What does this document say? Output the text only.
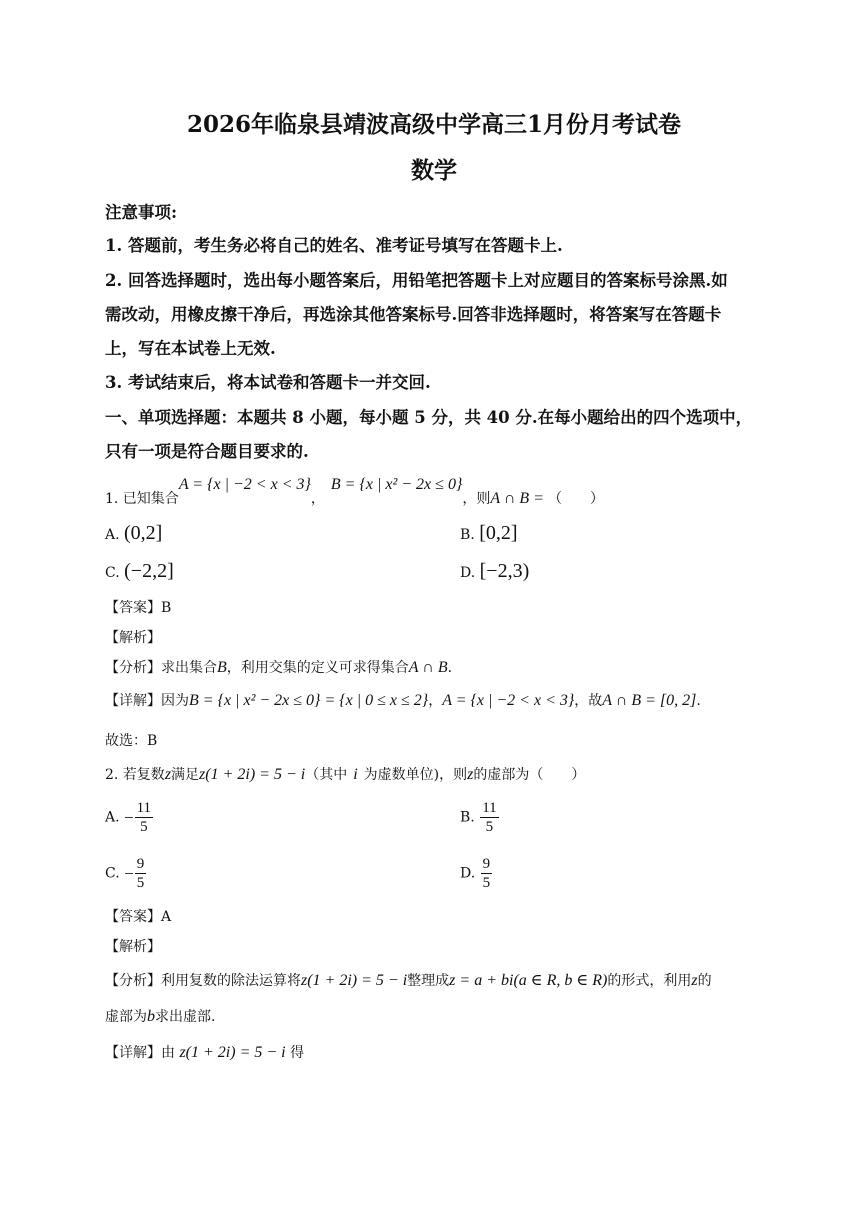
2026年临泉县靖波高级中学高三1月份月考试卷
数学
注意事项:
1. 答题前，考生务必将自己的姓名、准考证号填写在答题卡上.
2. 回答选择题时，选出每小题答案后，用铅笔把答题卡上对应题目的答案标号涂黑.如
需改动，用橡皮擦干净后，再选涂其他答案标号.回答非选择题时，将答案写在答题卡
上，写在本试卷上无效.
3. 考试结束后，将本试卷和答题卡一并交回.
一、单项选择题：本题共 8 小题，每小题 5 分，共 40 分.在每小题给出的四个选项中，
只有一项是符合题目要求的.
1. 已知集合A = {x | −2 < x < 3}，B = {x | x² − 2x ≤ 0}，则A ∩ B = （　　）
A. (0,2]	B. [0,2]
C. (−2,2]	D. [−2,3)
【答案】B
【解析】
【分析】求出集合B，利用交集的定义可求得集合A ∩ B.
【详解】因为B = {x | x² − 2x ≤ 0} = {x | 0 ≤ x ≤ 2}，A = {x | −2 < x < 3}，故A ∩ B = [0, 2].
故选：B
2. 若复数z满足z(1 + 2i) = 5 − i（其中 i 为虚数单位)，则z的虚部为（　　）
A. − $\frac{11}{5}$	B. $\frac{11}{5}$
C. − $\frac{9}{5}$	D. $\frac{9}{5}$
【答案】A
【解析】
【分析】利用复数的除法运算将z(1 + 2i) = 5 − i整理成z = a + bi(a ∈ R, b ∈ R)的形式，利用z的
虚部为b求出虚部.
【详解】由 z(1 + 2i) = 5 − i 得
